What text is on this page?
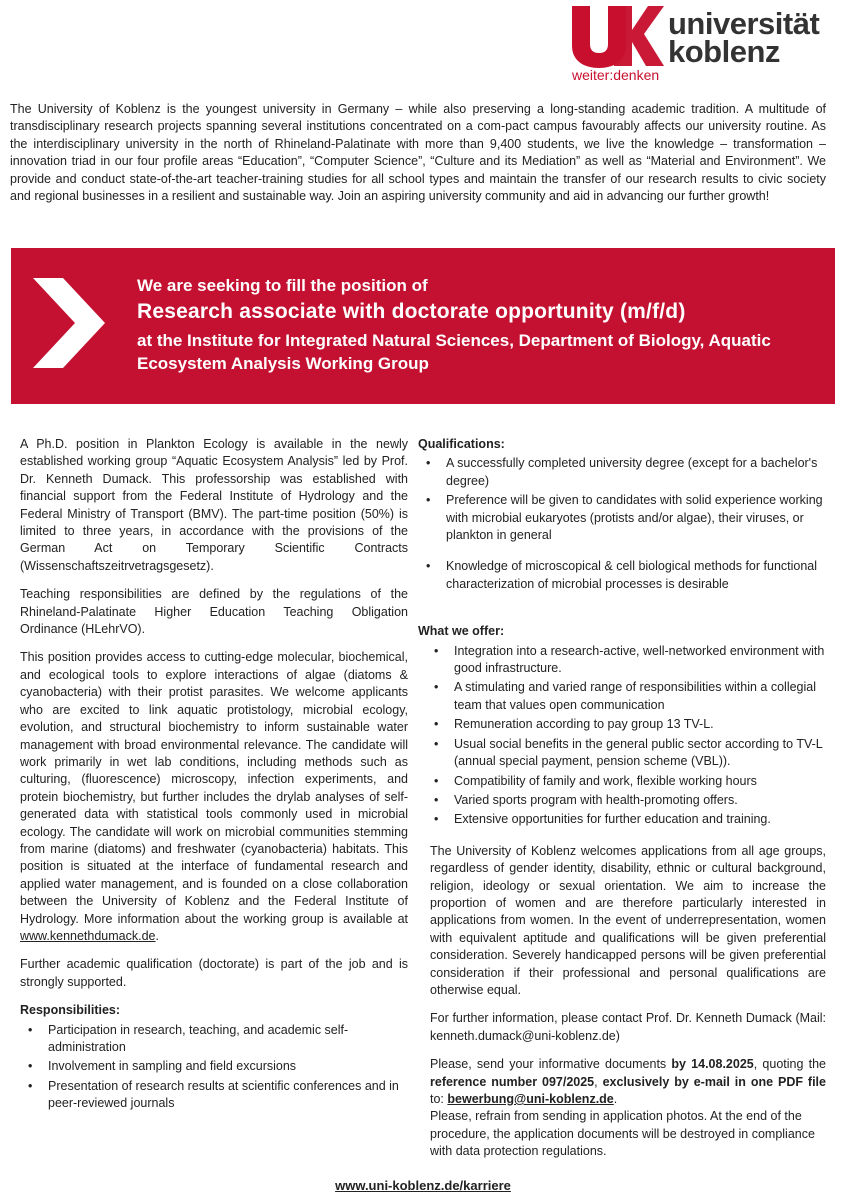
universität
koblenz
weiter:denken

The University of Koblenz is the youngest university in Germany – while also preserving a long-standing academic tradition. A multitude of transdisciplinary research projects spanning several institutions concentrated on a com-pact campus favourably affects our university routine. As the interdisciplinary university in the north of Rhineland-Palatinate with more than 9,400 students, we live the knowledge – transformation – innovation triad in our four profile areas “Education”, “Computer Science”, “Culture and its Mediation” as well as “Material and Environment”. We provide and conduct state-of-the-art teacher-training studies for all school types and maintain the transfer of our research results to civic society and regional businesses in a resilient and sustainable way. Join an aspiring university community and aid in advancing our further growth!

We are seeking to fill the position of
Research associate with doctorate opportunity (m/f/d)
at the Institute for Integrated Natural Sciences, Department of Biology, Aquatic Ecosystem Analysis Working Group

A Ph.D. position in Plankton Ecology is available in the newly established working group “Aquatic Ecosystem Analysis” led by Prof. Dr. Kenneth Dumack. This professorship was established with financial support from the Federal Institute of Hydrology and the Federal Ministry of Transport (BMV). The part-time position (50%) is limited to three years, in accordance with the provisions of the German Act on Temporary Scientific Contracts (Wissenschaftszeitrvetragsgesetz).

Teaching responsibilities are defined by the regulations of the Rhineland-Palatinate Higher Education Teaching Obligation Ordinance (HLehrVO).

This position provides access to cutting-edge molecular, biochemical, and ecological tools to explore interactions of algae (diatoms & cyanobacteria) with their protist parasites. We welcome applicants who are excited to link aquatic protistology, microbial ecology, evolution, and structural biochemistry to inform sustainable water management with broad environmental relevance. The candidate will work primarily in wet lab conditions, including methods such as culturing, (fluorescence) microscopy, infection experiments, and protein biochemistry, but further includes the drylab analyses of self-generated data with statistical tools commonly used in microbial ecology. The candidate will work on microbial communities stemming from marine (diatoms) and freshwater (cyanobacteria) habitats. This position is situated at the interface of fundamental research and applied water management, and is founded on a close collaboration between the University of Koblenz and the Federal Institute of Hydrology. More information about the working group is available at www.kennethdumack.de.

Further academic qualification (doctorate) is part of the job and is strongly supported.

Responsibilities:
• Participation in research, teaching, and academic self-administration
• Involvement in sampling and field excursions
• Presentation of research results at scientific conferences and in peer-reviewed journals
Qualifications:
• A successfully completed university degree (except for a bachelor's degree)
• Preference will be given to candidates with solid experience working with microbial eukaryotes (protists and/or algae), their viruses, or plankton in general
• Knowledge of microscopical & cell biological methods for functional characterization of microbial processes is desirable
What we offer:
• Integration into a research-active, well-networked environment with good infrastructure.
• A stimulating and varied range of responsibilities within a collegial team that values open communication
• Remuneration according to pay group 13 TV-L.
• Usual social benefits in the general public sector according to TV-L (annual special payment, pension scheme (VBL)).
• Compatibility of family and work, flexible working hours
• Varied sports program with health-promoting offers.
• Extensive opportunities for further education and training.

The University of Koblenz welcomes applications from all age groups, regardless of gender identity, disability, ethnic or cultural background, religion, ideology or sexual orientation. We aim to increase the proportion of women and are therefore particularly interested in applications from women. In the event of underrepresentation, women with equivalent aptitude and qualifications will be given preferential consideration. Severely handicapped persons will be given preferential consideration if their professional and personal qualifications are otherwise equal.

For further information, please contact Prof. Dr. Kenneth Dumack (Mail: kenneth.dumack@uni-koblenz.de)

Please, send your informative documents by 14.08.2025, quoting the reference number 097/2025, exclusively by e-mail in one PDF file to: bewerbung@uni-koblenz.de.

Please, refrain from sending in application photos. At the end of the procedure, the application documents will be destroyed in compliance with data protection regulations.

www.uni-koblenz.de/karriere
